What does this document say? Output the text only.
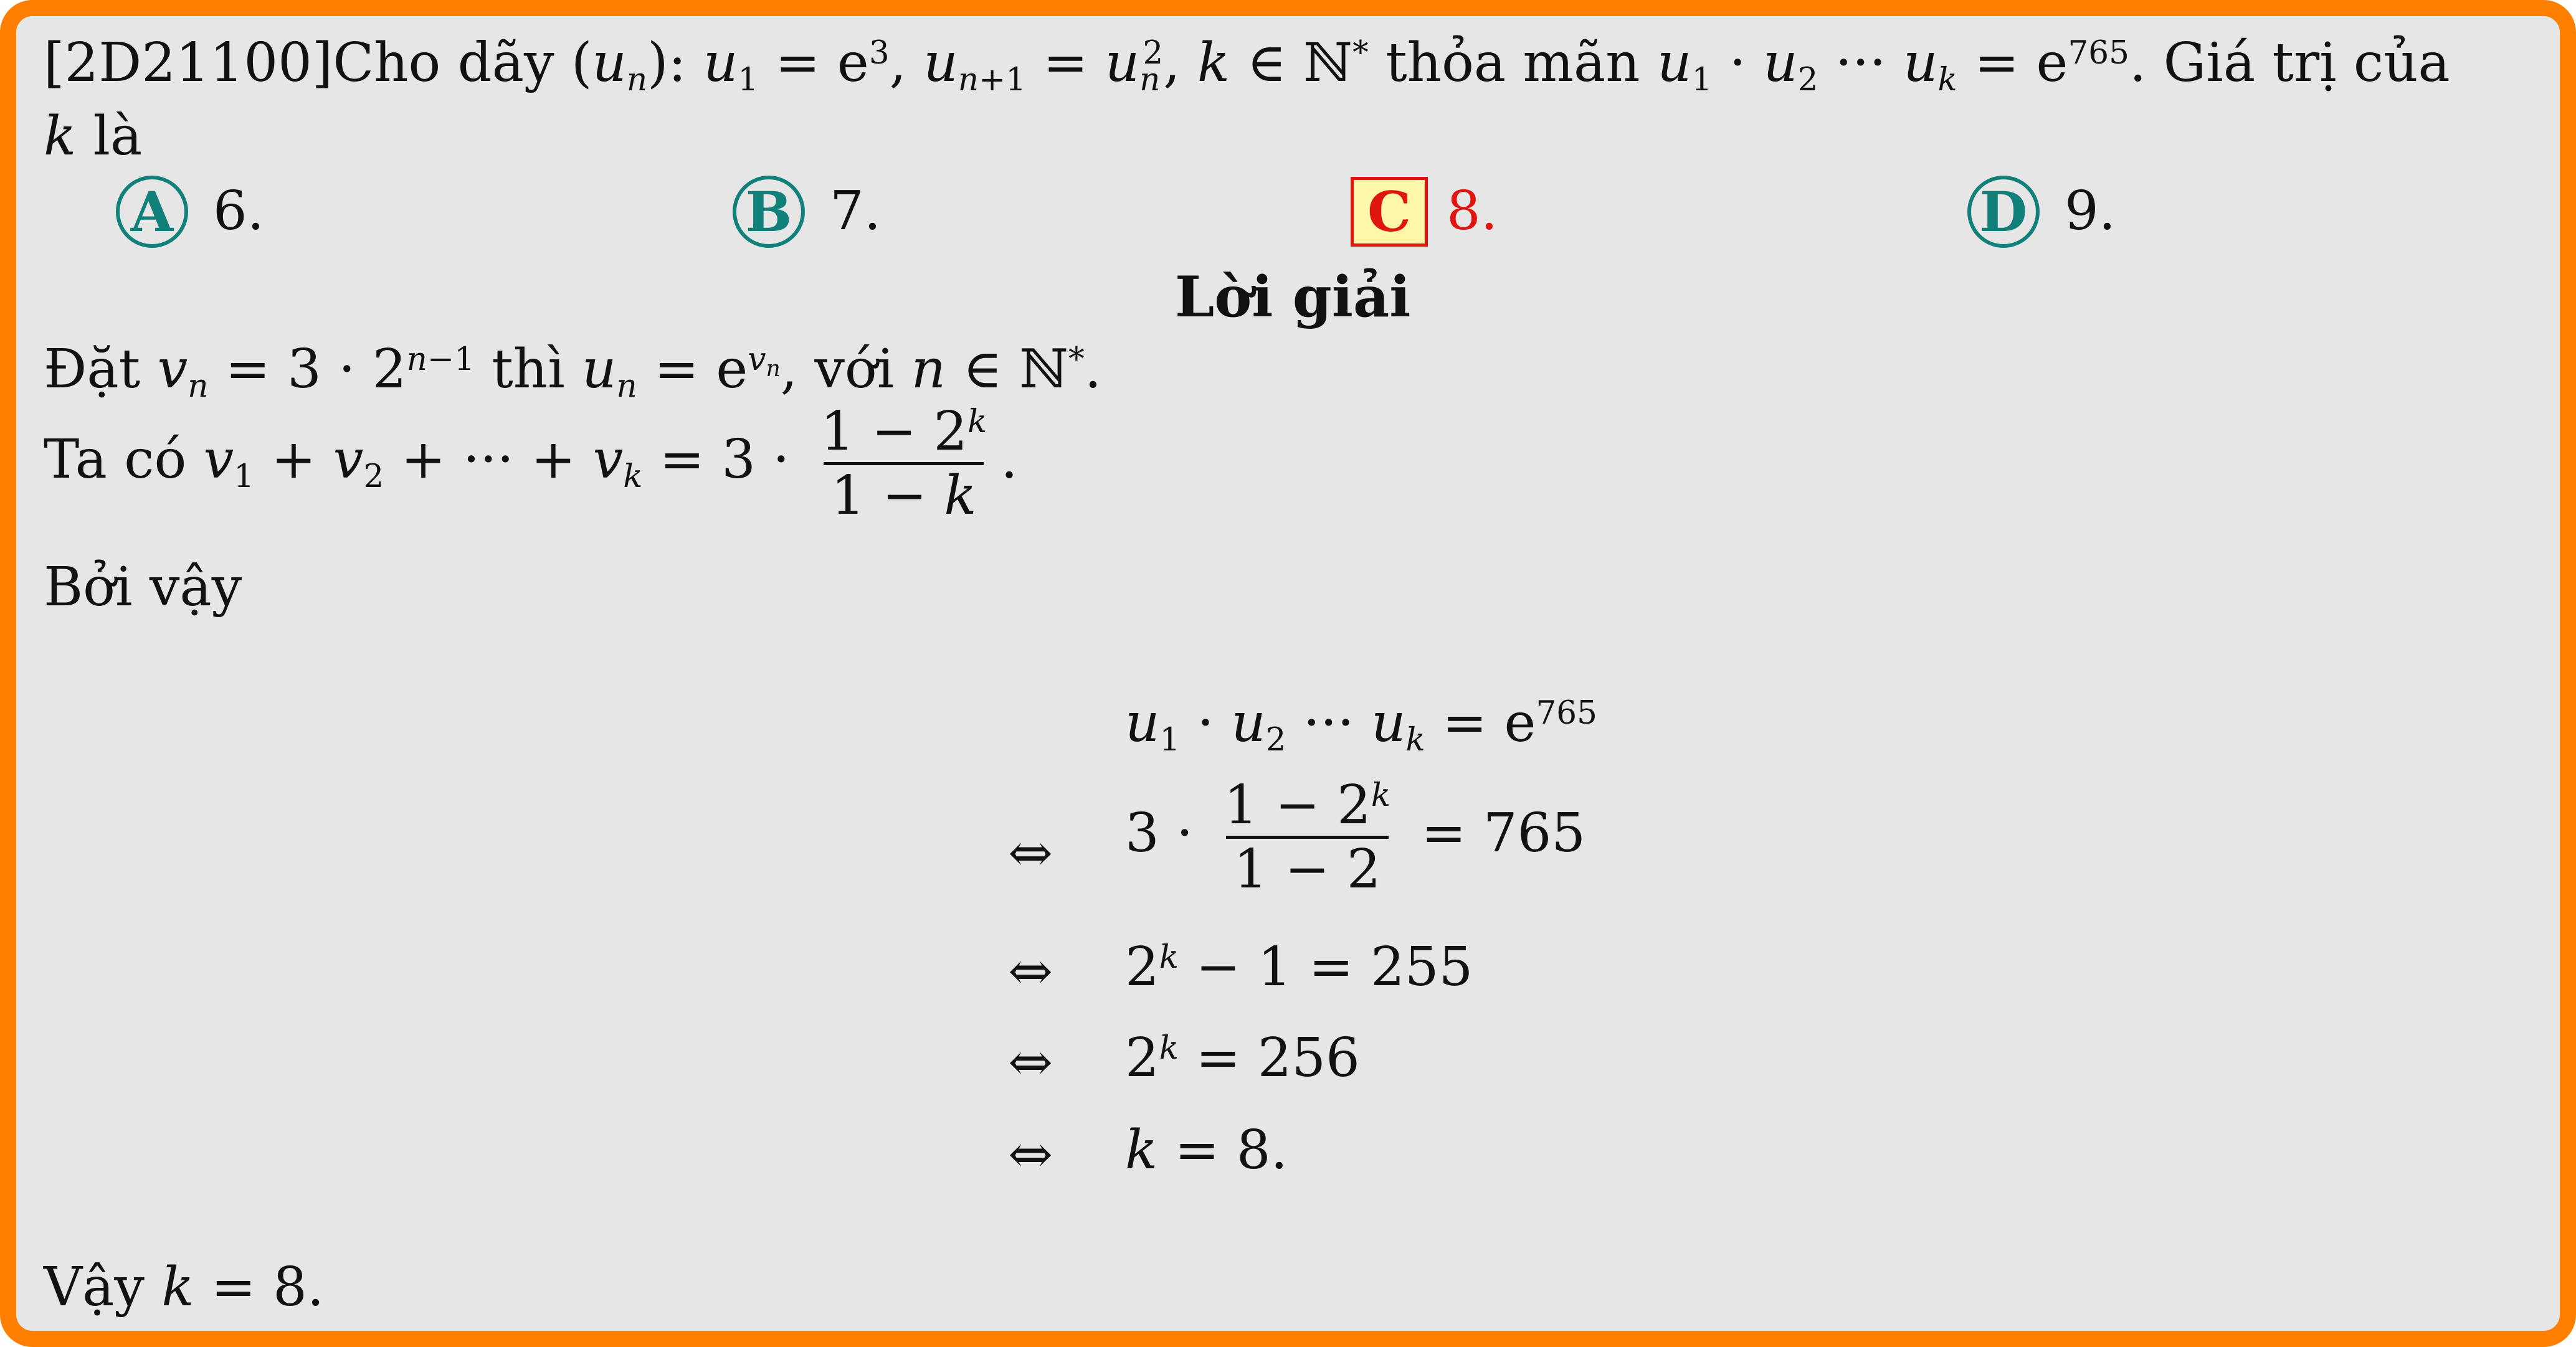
[2D21100]Cho dãy $(u_n)$: $u_1 = e^3$, $u_{n+1} = u_n^2$, k ∈ ℕ* thỏa mãn $u_1 \cdot u_2$ ··· $u_k = e^{765}$. Giá trị của
k là
A 6.	B 7.	C 8.	D 9.
Lời giải
Đặt $v_n = 3 \cdot 2^{n-1}$ thì $u_n = e^{v_n}$, với n ∈ ℕ*.
Ta có $v_1 + v_2$ + ··· + $v_k = 3 \cdot \frac{1 - 2^k}{1 - k}$ .
Bởi vậy
$u_1 \cdot u_2$ ··· $u_k = e^{765}$
⇔ $3 \cdot \frac{1 - 2^k}{1 - 2} = 765$
⇔ $2^k - 1 = 255$
⇔ $2^k = 256$
⇔ k = 8.
Vậy k = 8.
